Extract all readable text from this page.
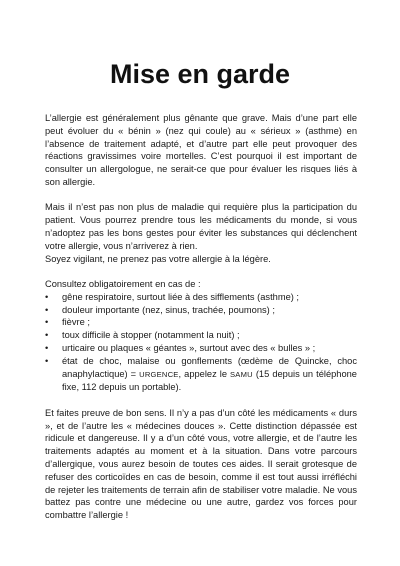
Mise en garde

L’allergie est généralement plus gênante que grave. Mais d’une part elle peut évoluer du « bénin » (nez qui coule) au « sérieux » (asthme) en l’absence de traitement adapté, et d’autre part elle peut provoquer des réactions gravissimes voire mortelles. C’est pourquoi il est important de consulter un allergologue, ne serait-ce que pour évaluer les risques liés à son allergie.

Mais il n’est pas non plus de maladie qui requière plus la participation du patient. Vous pourrez prendre tous les médicaments du monde, si vous n’adoptez pas les bons gestes pour éviter les substances qui déclenchent votre allergie, vous n’arriverez à rien.

Soyez vigilant, ne prenez pas votre allergie à la légère.

Consultez obligatoirement en cas de :

• gêne respiratoire, surtout liée à des sifflements (asthme) ;
• douleur importante (nez, sinus, trachée, poumons) ;
• fièvre ;
• toux difficile à stopper (notamment la nuit) ;
• urticaire ou plaques « géantes », surtout avec des « bulles » ;
• état de choc, malaise ou gonflements (œdème de Quincke, choc anaphylactique) = URGENCE, appelez le SAMU (15 depuis un téléphone fixe, 112 depuis un portable).

Et faites preuve de bon sens. Il n’y a pas d’un côté les médicaments « durs », et de l’autre les « médecines douces ». Cette distinction dépassée est ridicule et dangereuse. Il y a d’un côté vous, votre allergie, et de l’autre les traitements adaptés au moment et à la situation. Dans votre parcours d’allergique, vous aurez besoin de toutes ces aides. Il serait grotesque de refuser des corticoïdes en cas de besoin, comme il est tout aussi irréfléchi de rejeter les traitements de terrain afin de stabiliser votre maladie. Ne vous battez pas contre une médecine ou une autre, gardez vos forces pour combattre l’allergie !
